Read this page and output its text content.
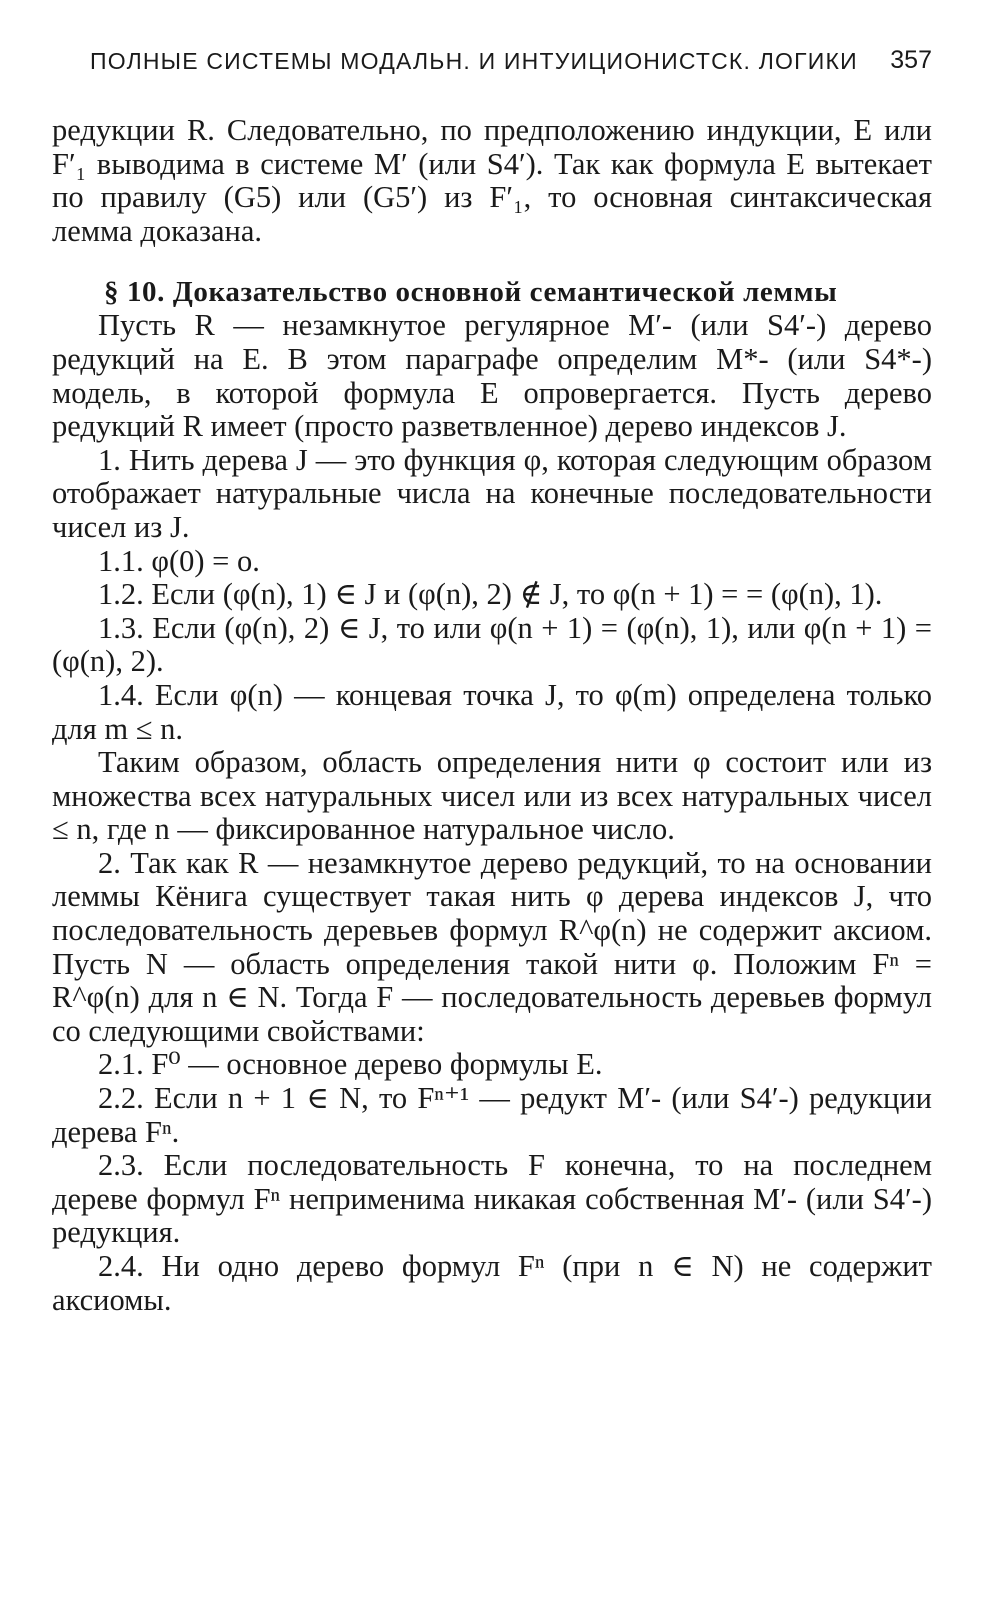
ПОЛНЫЕ СИСТЕМЫ МОДАЛЬН. И ИНТУИЦИОНИСТСК. ЛОГИКИ 357

редукции R. Следовательно, по предположению индукции, E или F′₁ выводима в системе M′ (или S4′). Так как формула E вытекает по правилу (G5) или (G5′) из F′₁, то основная синтаксическая лемма доказана.

§ 10. Доказательство основной семантической леммы

Пусть R — незамкнутое регулярное M′- (или S4′-) дерево редукций на E. В этом параграфе определим M*- (или S4*-) модель, в которой формула E опровергается. Пусть дерево редукций R имеет (просто разветвленное) дерево индексов J.

1. Нить дерева J — это функция φ, которая следующим образом отображает натуральные числа на конечные последовательности чисел из J.

1.1. φ(0) = o.

1.2. Если (φ(n), 1) ∈ J и (φ(n), 2) ∉ J, то φ(n + 1) = = (φ(n), 1).

1.3. Если (φ(n), 2) ∈ J, то или φ(n + 1) = (φ(n), 1), или φ(n + 1) = (φ(n), 2).

1.4. Если φ(n) — концевая точка J, то φ(m) определена только для m ≤ n.

Таким образом, область определения нити φ состоит или из множества всех натуральных чисел или из всех натуральных чисел ≤ n, где n — фиксированное натуральное число.

2. Так как R — незамкнутое дерево редукций, то на основании леммы Кёнига существует такая нить φ дерева индексов J, что последовательность деревьев формул R^φ(n) не содержит аксиом. Пусть N — область определения такой нити φ. Положим Fⁿ = R^φ(n) для n ∈ N. Тогда F — последовательность деревьев формул со следующими свойствами:

2.1. F⁰ — основное дерево формулы E.

2.2. Если n + 1 ∈ N, то Fⁿ⁺¹ — редукт M′- (или S4′-) редукции дерева Fⁿ.

2.3. Если последовательность F конечна, то на последнем дереве формул Fⁿ неприменима никакая собственная M′- (или S4′-) редукция.

2.4. Ни одно дерево формул Fⁿ (при n ∈ N) не содержит аксиомы.
